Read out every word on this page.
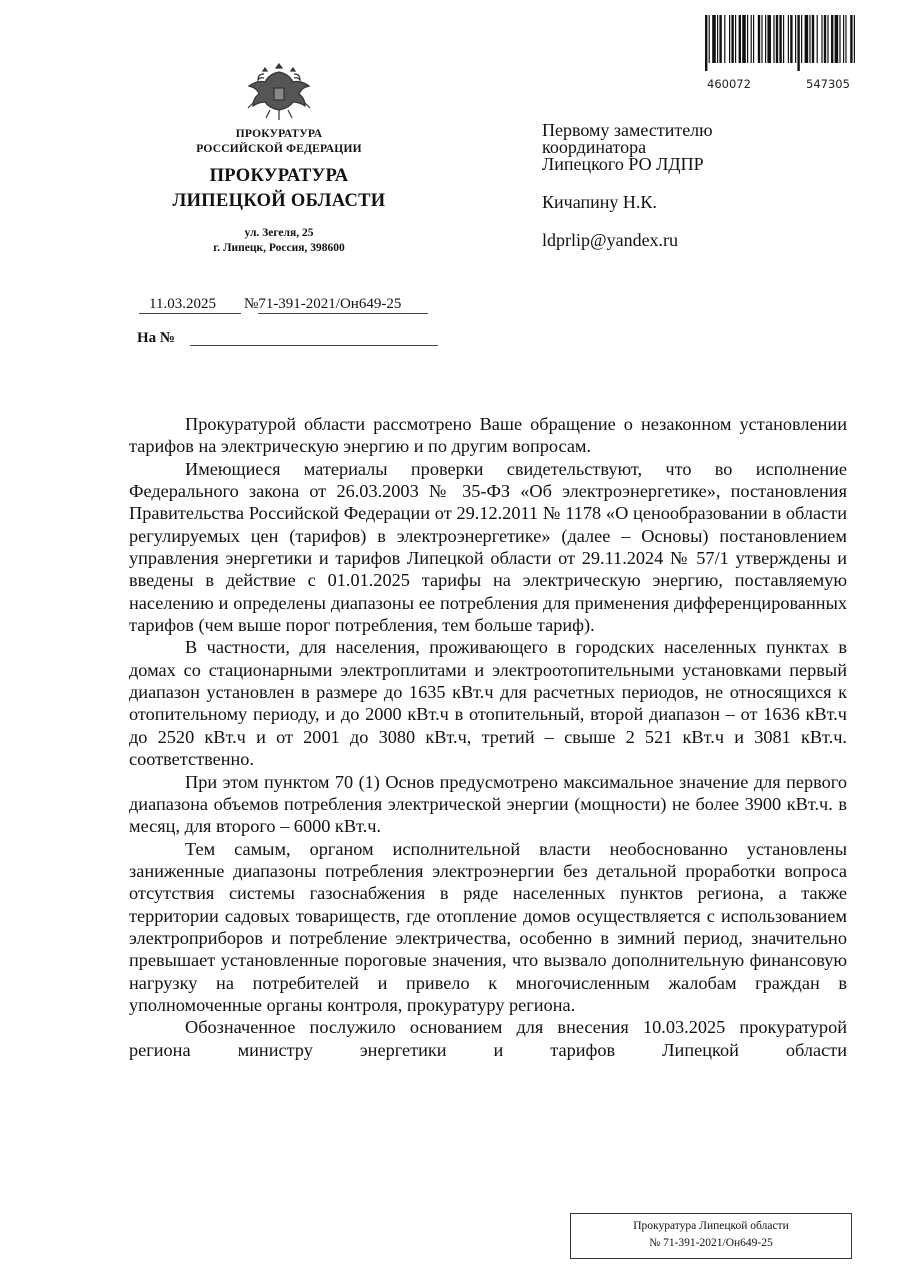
ПРОКУРАТУРА
РОССИЙСКОЙ ФЕДЕРАЦИИ
ПРОКУРАТУРА
ЛИПЕЦКОЙ ОБЛАСТИ
ул. Зегеля, 25
г. Липецк, Россия, 398600
460072	547305
Первому заместителю
координатора
Липецкого РО ЛДПР
Кичапину Н.К.
ldprlip@yandex.ru
11.03.2025 №71-391-2021/Он649-25
На №

Прокуратурой области рассмотрено Ваше обращение о незаконном установлении тарифов на электрическую энергию и по другим вопросам.

Имеющиеся материалы проверки свидетельствуют, что во исполнение Федерального закона от 26.03.2003 № 35-ФЗ «Об электроэнергетике», постановления Правительства Российской Федерации от 29.12.2011 № 1178 «О ценообразовании в области регулируемых цен (тарифов) в электроэнергетике» (далее – Основы) постановлением управления энергетики и тарифов Липецкой области от 29.11.2024 № 57/1 утверждены и введены в действие с 01.01.2025 тарифы на электрическую энергию, поставляемую населению и определены диапазоны ее потребления для применения дифференцированных тарифов (чем выше порог потребления, тем больше тариф).

В частности, для населения, проживающего в городских населенных пунктах в домах со стационарными электроплитами и электроотопительными установками первый диапазон установлен в размере до 1635 кВт.ч для расчетных периодов, не относящихся к отопительному периоду, и до 2000 кВт.ч в отопительный, второй диапазон – от 1636 кВт.ч до 2520 кВт.ч и от 2001 до 3080 кВт.ч, третий – свыше 2 521 кВт.ч и 3081 кВт.ч. соответственно.

При этом пунктом 70 (1) Основ предусмотрено максимальное значение для первого диапазона объемов потребления электрической энергии (мощности) не более 3900 кВт.ч. в месяц, для второго – 6000 кВт.ч.

Тем самым, органом исполнительной власти необоснованно установлены заниженные диапазоны потребления электроэнергии без детальной проработки вопроса отсутствия системы газоснабжения в ряде населенных пунктов региона, а также территории садовых товариществ, где отопление домов осуществляется с использованием электроприборов и потребление электричества, особенно в зимний период, значительно превышает установленные пороговые значения, что вызвало дополнительную финансовую нагрузку на потребителей и привело к многочисленным жалобам граждан в уполномоченные органы контроля, прокуратуру региона.

Обозначенное послужило основанием для внесения 10.03.2025 прокуратурой региона министру энергетики и тарифов Липецкой области

Прокуратура Липецкой области
№ 71-391-2021/Он649-25
